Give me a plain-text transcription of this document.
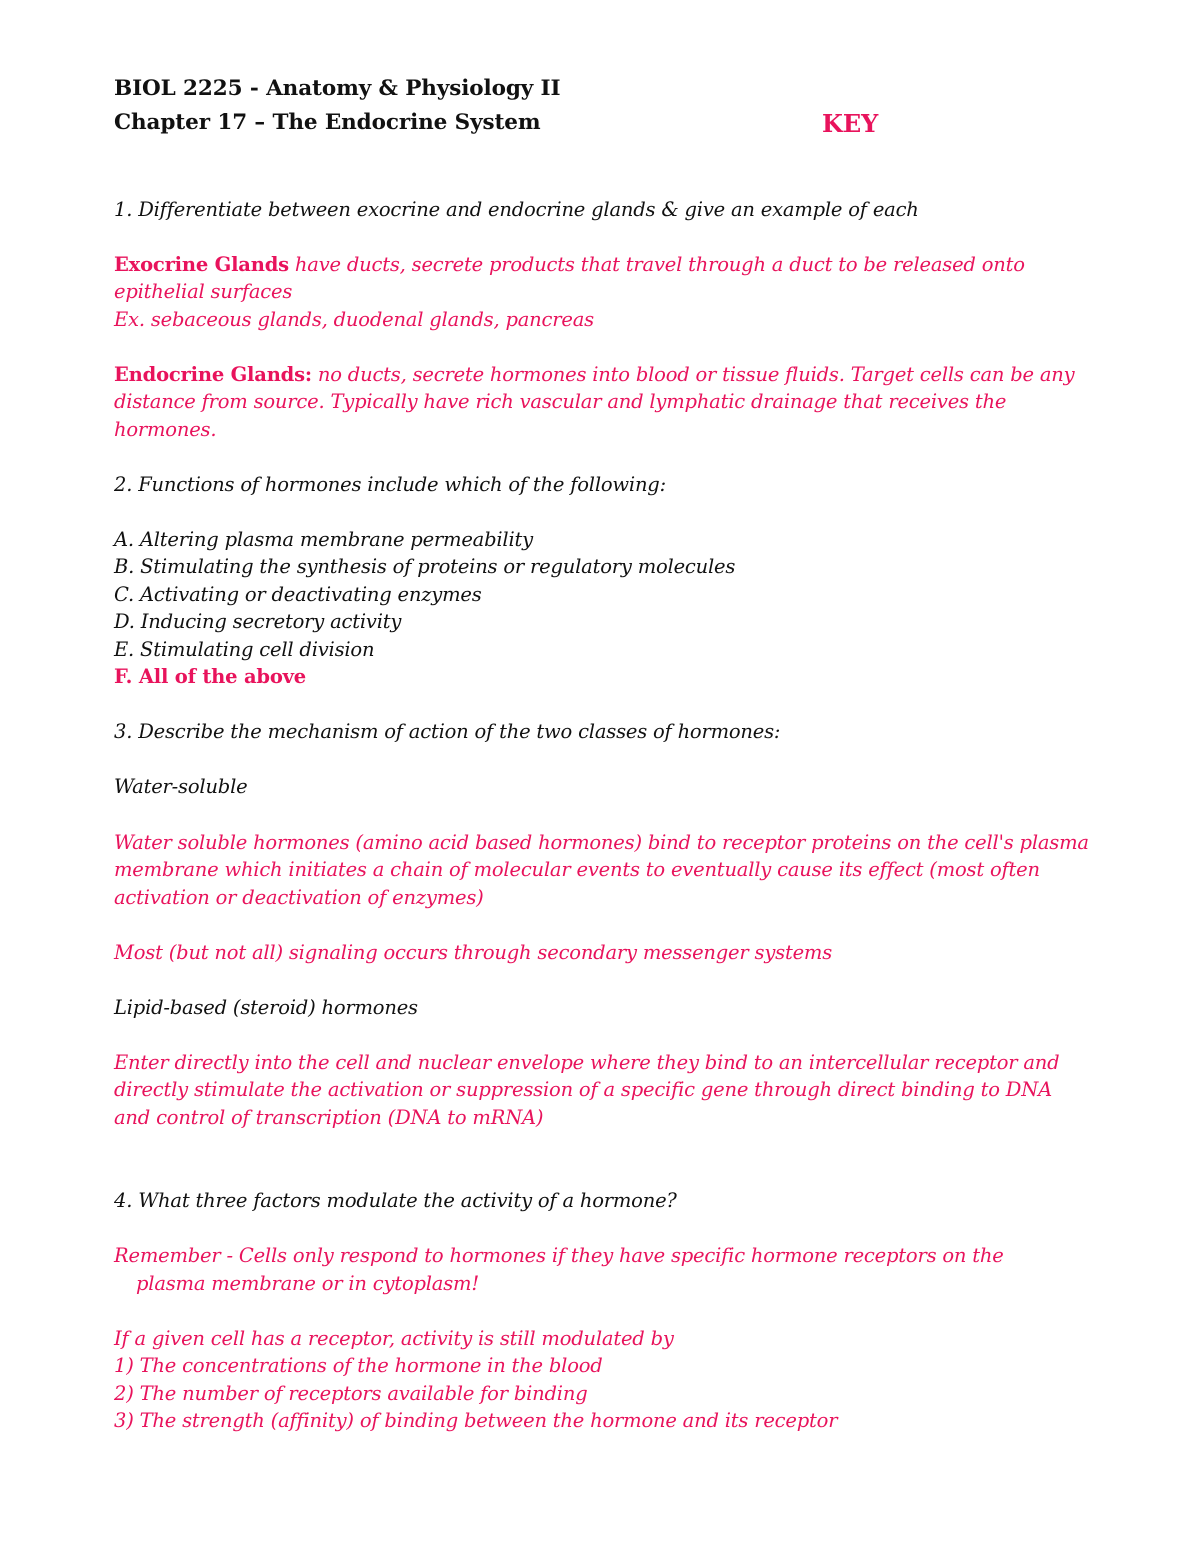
BIOL 2225 - Anatomy & Physiology II
Chapter 17 – The Endocrine System	KEY
1. Differentiate between exocrine and endocrine glands & give an example of each
Exocrine Glands have ducts, secrete products that travel through a duct to be released onto
epithelial surfaces
Ex. sebaceous glands, duodenal glands, pancreas
Endocrine Glands: no ducts, secrete hormones into blood or tissue fluids. Target cells can be any
distance from source. Typically have rich vascular and lymphatic drainage that receives the
hormones.
2. Functions of hormones include which of the following:
A. Altering plasma membrane permeability
B. Stimulating the synthesis of proteins or regulatory molecules
C. Activating or deactivating enzymes
D. Inducing secretory activity
E. Stimulating cell division
F. All of the above
3. Describe the mechanism of action of the two classes of hormones:
Water-soluble
Water soluble hormones (amino acid based hormones) bind to receptor proteins on the cell's plasma
membrane which initiates a chain of molecular events to eventually cause its effect (most often
activation or deactivation of enzymes)
Most (but not all) signaling occurs through secondary messenger systems
Lipid-based (steroid) hormones
Enter directly into the cell and nuclear envelope where they bind to an intercellular receptor and
directly stimulate the activation or suppression of a specific gene through direct binding to DNA
and control of transcription (DNA to mRNA)
4. What three factors modulate the activity of a hormone?
Remember - Cells only respond to hormones if they have specific hormone receptors on the
plasma membrane or in cytoplasm!
If a given cell has a receptor, activity is still modulated by
1) The concentrations of the hormone in the blood
2) The number of receptors available for binding
3) The strength (affinity) of binding between the hormone and its receptor
